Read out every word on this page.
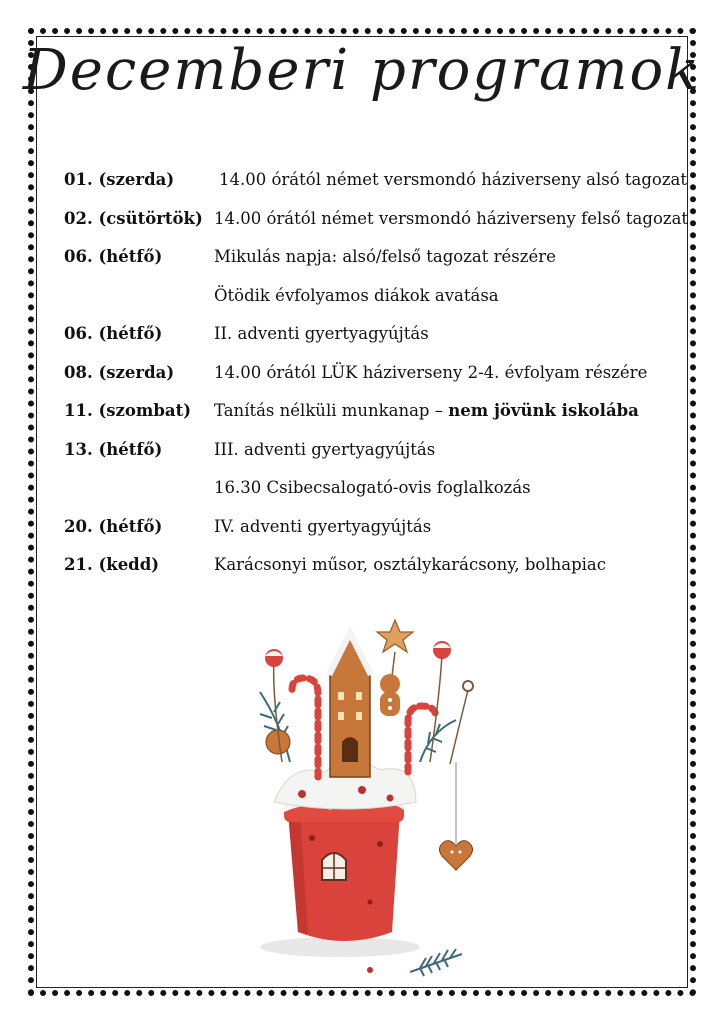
Decemberi programok
01. (szerda)	14.00 órától német versmondó háziverseny alsó tagozat
02. (csütörtök) 14.00 órától német versmondó háziverseny felső tagozat
06. (hétfő)	Mikulás napja: alsó/felső tagozat részére
Ötödik évfolyamos diákok avatása
06. (hétfő)	II. adventi gyertyagyújtás
08. (szerda) 14.00 órától LÜK háziverseny 2-4. évfolyam részére
11. (szombat) Tanítás nélküli munkanap – nem jövünk iskolába
13. (hétfő)	III. adventi gyertyagyújtás
16.30 Csibecsalogató-ovis foglalkozás
20. (hétfő)	IV. adventi gyertyagyújtás
21. (kedd)	Karácsonyi műsor, osztálykarácsony, bolhapiac
